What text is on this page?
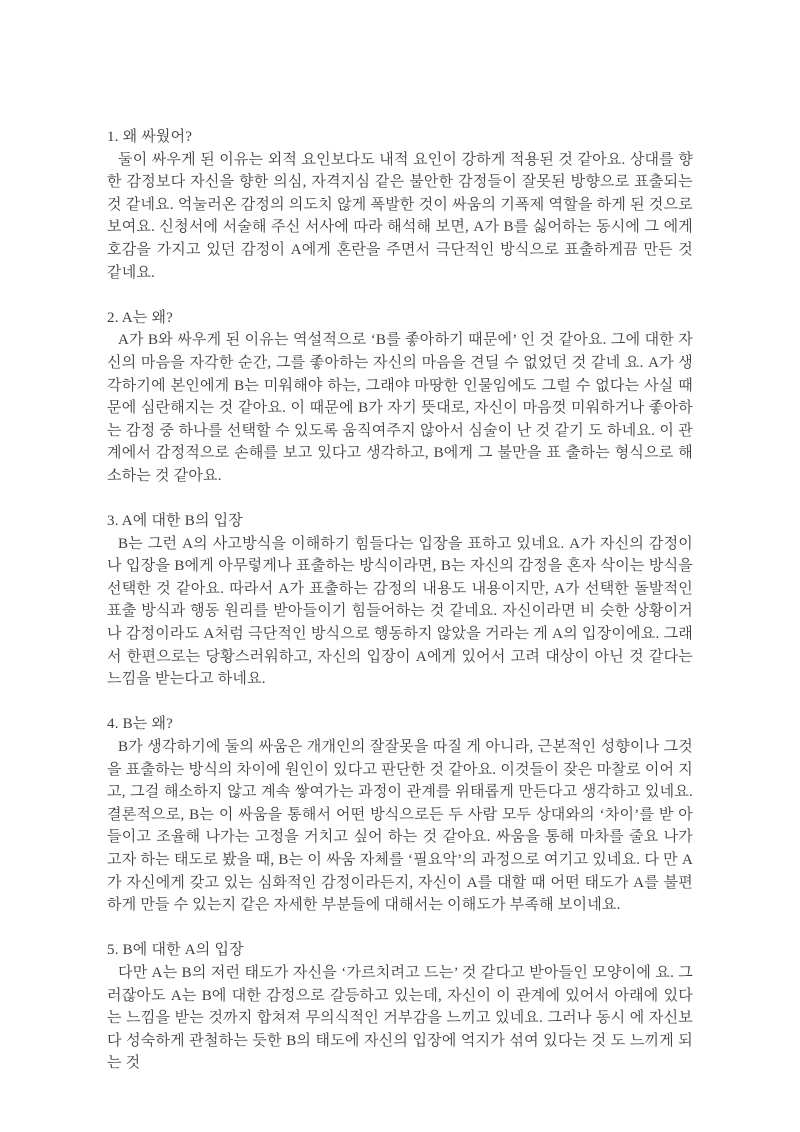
1. 왜 싸웠어?

둘이 싸우게 된 이유는 외적 요인보다도 내적 요인이 강하게 적용된 것 같아요. 상대를 향한 감정보다 자신을 향한 의심, 자격지심 같은 불안한 감정들이 잘못된 방향으로 표출되는 것 같네요. 억눌러온 감정의 의도치 않게 폭발한 것이 싸움의 기폭제 역할을 하게 된 것으로 보여요. 신청서에 서술해 주신 서사에 따라 해석해 보면, A가 B를 싫어하는 동시에 그 에게 호감을 가지고 있던 감정이 A에게 혼란을 주면서 극단적인 방식으로 표출하게끔 만든 것 같네요.

2. A는 왜?

A가 B와 싸우게 된 이유는 역설적으로 ‘B를 좋아하기 때문에’ 인 것 같아요. 그에 대한 자신의 마음을 자각한 순간, 그를 좋아하는 자신의 마음을 견딜 수 없었던 것 같네 요. A가 생각하기에 본인에게 B는 미워해야 하는, 그래야 마땅한 인물임에도 그럴 수 없다는 사실 때문에 심란해지는 것 같아요. 이 때문에 B가 자기 뜻대로, 자신이 마음껏 미워하거나 좋아하는 감정 중 하나를 선택할 수 있도록 움직여주지 않아서 심술이 난 것 같기 도 하네요. 이 관계에서 감정적으로 손해를 보고 있다고 생각하고, B에게 그 불만을 표 출하는 형식으로 해소하는 것 같아요.

3. A에 대한 B의 입장

B는 그런 A의 사고방식을 이해하기 힘들다는 입장을 표하고 있네요. A가 자신의 감정이나 입장을 B에게 아무렇게나 표출하는 방식이라면, B는 자신의 감정을 혼자 삭이는 방식을 선택한 것 같아요. 따라서 A가 표출하는 감정의 내용도 내용이지만, A가 선택한 돌발적인 표출 방식과 행동 원리를 받아들이기 힘들어하는 것 같네요. 자신이라면 비 슷한 상황이거나 감정이라도 A처럼 극단적인 방식으로 행동하지 않았을 거라는 게 A의 입장이에요. 그래서 한편으로는 당황스러워하고, 자신의 입장이 A에게 있어서 고려 대상이 아닌 것 같다는 느낌을 받는다고 하네요.

4. B는 왜?

B가 생각하기에 둘의 싸움은 개개인의 잘잘못을 따질 게 아니라, 근본적인 성향이나 그것을 표출하는 방식의 차이에 원인이 있다고 판단한 것 같아요. 이것들이 잦은 마찰로 이어 지고, 그걸 해소하지 않고 계속 쌓여가는 과정이 관계를 위태롭게 만든다고 생각하고 있네요. 결론적으로, B는 이 싸움을 통해서 어떤 방식으로든 두 사람 모두 상대와의 ‘차이’를 받 아들이고 조율해 나가는 고정을 거치고 싶어 하는 것 같아요. 싸움을 통해 마차를 줄요 나가 고자 하는 태도로 봤을 때, B는 이 싸움 자체를 ‘필요악’의 과정으로 여기고 있네요. 다 만 A가 자신에게 갖고 있는 심화적인 감정이라든지, 자신이 A를 대할 때 어떤 태도가 A를 불편하게 만들 수 있는지 같은 자세한 부분들에 대해서는 이해도가 부족해 보이네요.

5. B에 대한 A의 입장

다만 A는 B의 저런 태도가 자신을 ‘가르치려고 드는’ 것 같다고 받아들인 모양이에 요. 그러잖아도 A는 B에 대한 감정으로 갈등하고 있는데, 자신이 이 관계에 있어서 아래에 있다는 느낌을 받는 것까지 합쳐져 무의식적인 거부감을 느끼고 있네요. 그러나 동시 에 자신보다 성숙하게 관철하는 듯한 B의 태도에 자신의 입장에 억지가 섞여 있다는 것 도 느끼게 되는 것
